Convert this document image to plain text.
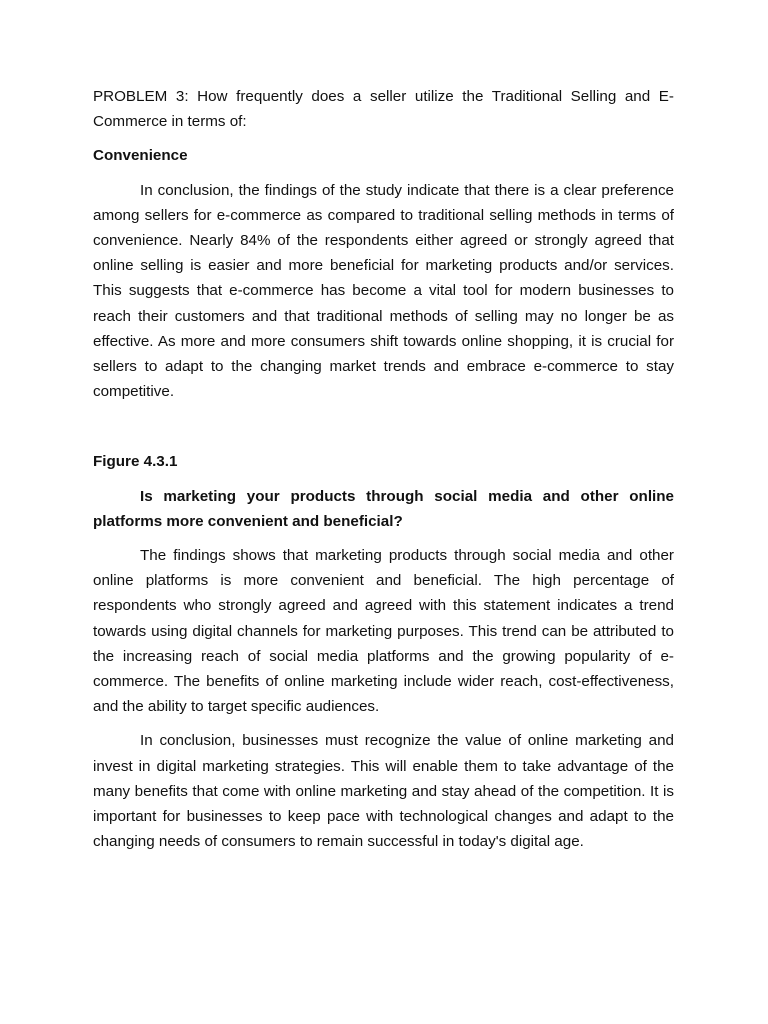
PROBLEM 3: How frequently does a seller utilize the Traditional Selling and E-Commerce in terms of:

Convenience

In conclusion, the findings of the study indicate that there is a clear preference among sellers for e-commerce as compared to traditional selling methods in terms of convenience. Nearly 84% of the respondents either agreed or strongly agreed that online selling is easier and more beneficial for marketing products and/or services. This suggests that e-commerce has become a vital tool for modern businesses to reach their customers and that traditional methods of selling may no longer be as effective. As more and more consumers shift towards online shopping, it is crucial for sellers to adapt to the changing market trends and embrace e-commerce to stay competitive.

Figure 4.3.1

Is marketing your products through social media and other online platforms more convenient and beneficial?

The findings shows that marketing products through social media and other online platforms is more convenient and beneficial. The high percentage of respondents who strongly agreed and agreed with this statement indicates a trend towards using digital channels for marketing purposes. This trend can be attributed to the increasing reach of social media platforms and the growing popularity of e-commerce. The benefits of online marketing include wider reach, cost-effectiveness, and the ability to target specific audiences.

In conclusion, businesses must recognize the value of online marketing and invest in digital marketing strategies. This will enable them to take advantage of the many benefits that come with online marketing and stay ahead of the competition. It is important for businesses to keep pace with technological changes and adapt to the changing needs of consumers to remain successful in today's digital age.
